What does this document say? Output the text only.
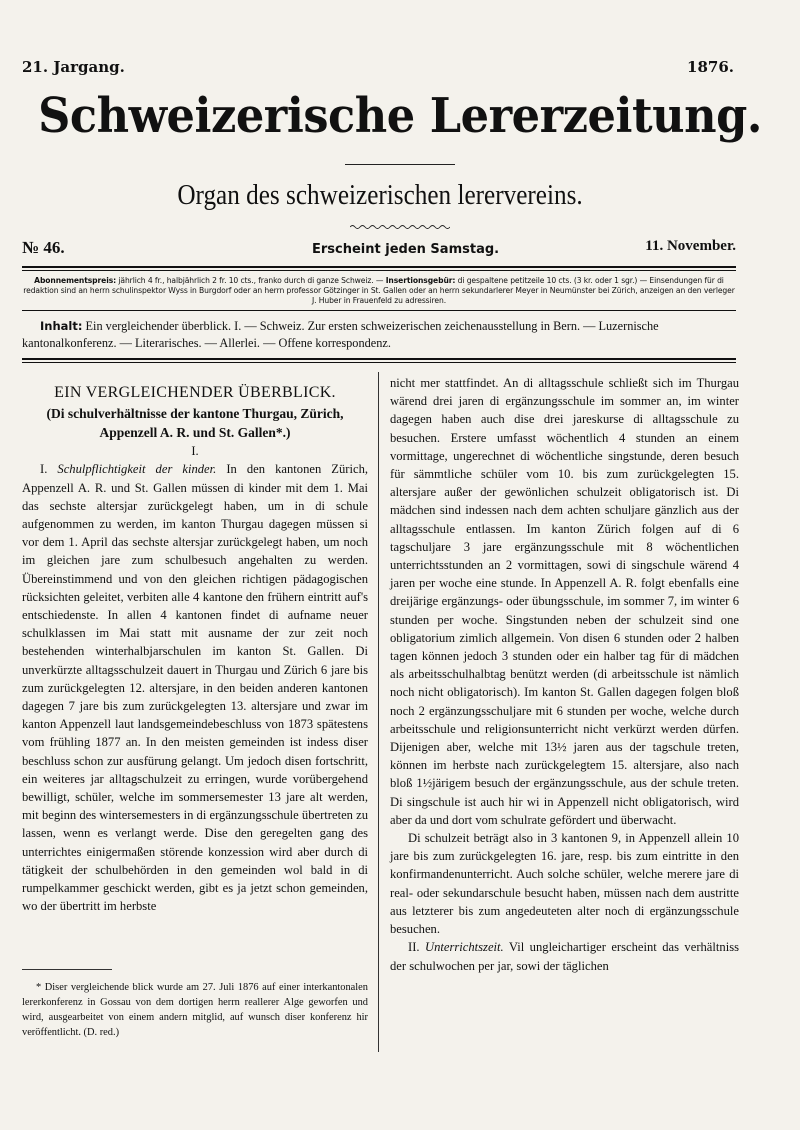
21. Jargang.	1876.
Schweizerische Lererzeitung.
Organ des schweizerischen lerervereins.
№ 46.	Erscheint jeden Samstag.	11. November.
Abonnementspreis: jährlich 4 fr., halbjährlich 2 fr. 10 cts., franko durch di ganze Schweiz. — Insertionsgebür: di gespaltene petitzeile 10 cts. (3 kr. oder 1 sgr.) — Einsendungen für di redaktion sind an herrn schulinspektor Wyss in Burgdorf oder an herrn professor Götzinger in St. Gallen oder an herrn sekundarlerer Meyer in Neumünster bei Zürich, anzeigen an den verleger J. Huber in Frauenfeld zu adressiren.
Inhalt: Ein vergleichender überblick. I. — Schweiz. Zur ersten schweizerischen zeichenausstellung in Bern. — Luzernische kantonalkonferenz. — Literarisches. — Allerlei. — Offene korrespondenz.

EIN VERGLEICHENDER ÜBERBLICK.

(Di schulverhältnisse der kantone Thurgau, Zürich, Appenzell A. R. und St. Gallen*.)

I.

I. Schulpflichtigkeit der kinder. In den kantonen Zürich, Appenzell A. R. und St. Gallen müssen di kinder mit dem 1. Mai das sechste altersjar zurückgelegt haben, um in di schule aufgenommen zu werden, im kanton Thurgau dagegen müssen si vor dem 1. April das sechste altersjar zurückgelegt haben, um noch im gleichen jare zum schulbesuch angehalten zu werden. Übereinstimmend und von den gleichen richtigen pädagogischen rücksichten geleitet, verbiten alle 4 kantone den frühern eintritt auf's entschiedenste. In allen 4 kantonen findet di aufname neuer schulklassen im Mai statt mit ausname der zur zeit noch bestehenden winterhalbjarschulen im kanton St. Gallen. Di unverkürzte alltagsschulzeit dauert in Thurgau und Zürich 6 jare bis zum zurückgelegten 12. altersjare, in den beiden anderen kantonen dagegen 7 jare bis zum zurückgelegten 13. altersjare und zwar im kanton Appenzell laut landsgemeindebeschluss von 1873 spätestens vom frühling 1877 an. In den meisten gemeinden ist indess diser beschluss schon zur ausfürung gelangt. Um jedoch disen fortschritt, ein weiteres jar alltagschulzeit zu erringen, wurde vorübergehend bewilligt, schüler, welche im sommersemester 13 jare alt werden, mit beginn des wintersemesters in di ergänzungsschule übertreten zu lassen, wenn es verlangt werde. Dise den geregelten gang des unterrichtes einigermaßen störende konzession wird aber durch di tätigkeit der schulbehörden in den gemeinden wol bald in di rumpelkammer geschickt werden, gibt es ja jetzt schon gemeinden, wo der übertritt im herbste

* Diser vergleichende blick wurde am 27. Juli 1876 auf einer interkantonalen lererkonferenz in Gossau von dem dortigen herrn reallerer Alge geworfen und wird, ausgearbeitet von einem andern mitglid, auf wunsch diser konferenz hir veröffentlicht. (D. red.)

nicht mer stattfindet. An di alltagsschule schließt sich im Thurgau wärend drei jaren di ergänzungsschule im sommer an, im winter dagegen haben auch dise drei jareskurse di alltagsschule zu besuchen. Erstere umfasst wöchentlich 4 stunden an einem vormittage, ungerechnet di wöchentliche singstunde, deren besuch für sämmtliche schüler vom 10. bis zum zurückgelegten 15. altersjare außer der gewönlichen schulzeit obligatorisch ist. Di mädchen sind indessen nach dem achten schuljare gänzlich aus der alltagsschule entlassen. Im kanton Zürich folgen auf di 6 tagschuljare 3 jare ergänzungsschule mit 8 wöchentlichen unterrichtsstunden an 2 vormittagen, sowi di singschule wärend 4 jaren per woche eine stunde. In Appenzell A. R. folgt ebenfalls eine dreijärige ergänzungs- oder übungsschule, im sommer 7, im winter 6 stunden per woche. Singstunden neben der schulzeit sind one obligatorium zimlich allgemein. Von disen 6 stunden oder 2 halben tagen können jedoch 3 stunden oder ein halber tag für di mädchen als arbeitsschulhalbtag benützt werden (di arbeitsschule ist nämlich noch nicht obligatorisch). Im kanton St. Gallen dagegen folgen bloß noch 2 ergänzungsschuljare mit 6 stunden per woche, welche durch arbeitsschule und religionsunterricht nicht verkürzt werden dürfen. Dijenigen aber, welche mit 13½ jaren aus der tagschule treten, können im herbste nach zurückgelegtem 15. altersjare, also nach bloß 1½järigem besuch der ergänzungsschule, aus der schule treten. Di singschule ist auch hir wi in Appenzell nicht obligatorisch, wird aber da und dort vom schulrate gefördert und überwacht.

Di schulzeit beträgt also in 3 kantonen 9, in Appenzell allein 10 jare bis zum zurückgelegten 16. jare, resp. bis zum eintritte in den konfirmandenunterricht. Auch solche schüler, welche merere jare di real- oder sekundarschule besucht haben, müssen nach dem austritte aus letzterer bis zum angedeuteten alter noch di ergänzungsschule besuchen.

II. Unterrichtszeit. Vil ungleichartiger erscheint das verhältniss der schulwochen per jar, sowi der täglichen
